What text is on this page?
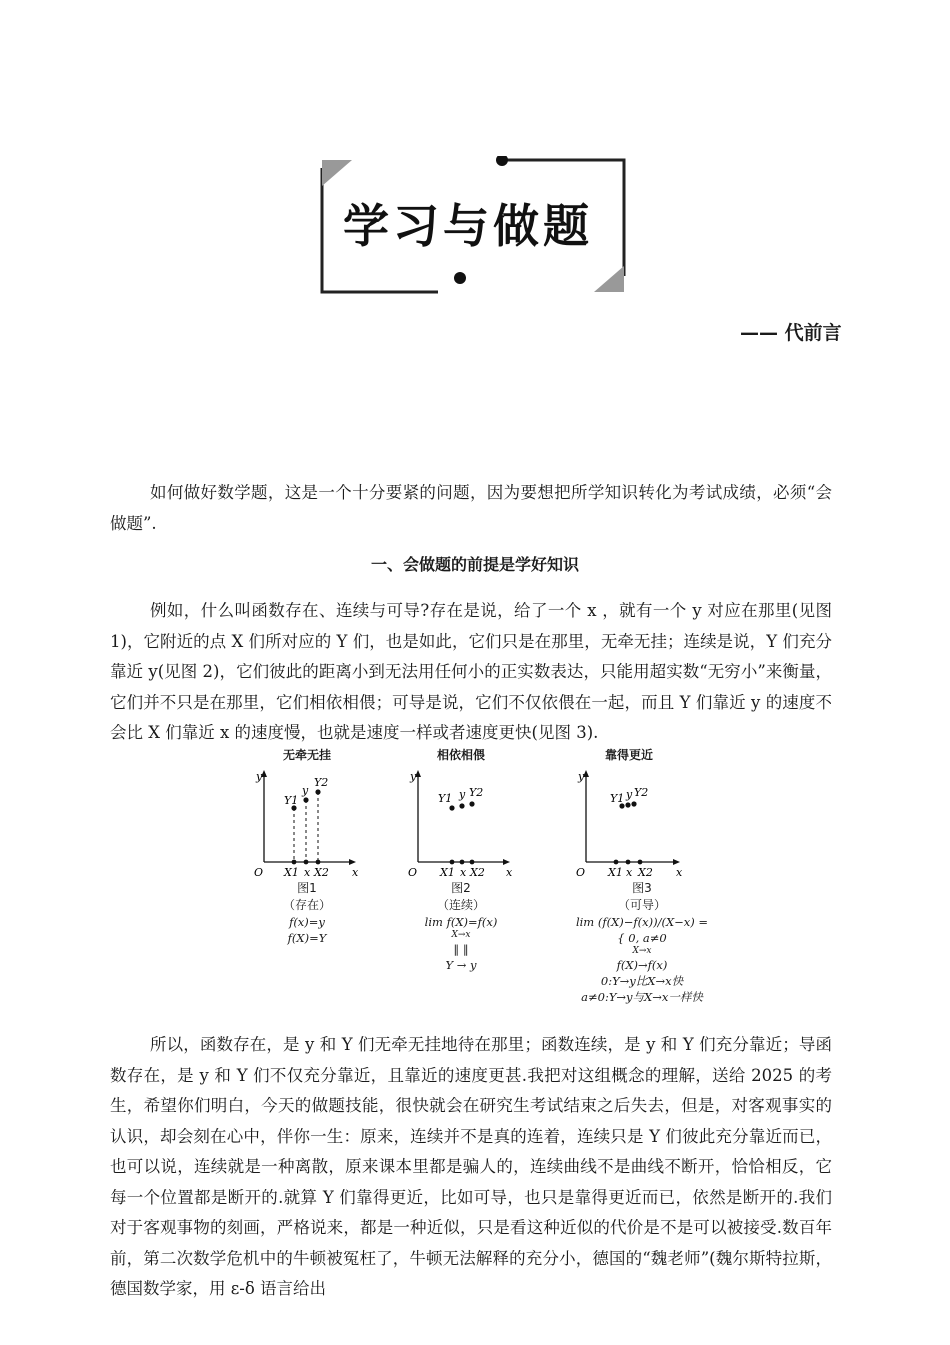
学习与做题
—— 代前言

如何做好数学题，这是一个十分要紧的问题，因为要想把所学知识转化为考试成绩，必须“会做题”.

一、会做题的前提是学好知识

例如，什么叫函数存在、连续与可导?存在是说，给了一个 x ，就有一个 y 对应在那里(见图 1)，它附近的点 X 们所对应的 Y 们，也是如此，它们只是在那里，无牵无挂；连续是说，Y 们充分靠近 y(见图 2)，它们彼此的距离小到无法用任何小的正实数表达，只能用超实数“无穷小”来衡量，它们并不只是在那里，它们相依相偎；可导是说，它们不仅依偎在一起，而且 Y 们靠近 y 的速度不会比 X 们靠近 x 的速度慢，也就是速度一样或者速度更快(见图 3).

无牵无挂	相依相偎	靠得更近
y
x
O
Y1
y
Y2
X1 x X2
图1
（存在）
f(x)=y
f(X)=Y
y
x
O
Y1 y Y2
X1 x X2
图2
（连续）
lim f(X)=f(x)
X→x
‖ ‖
Y → y
y
x
O
Y1 y Y2
X1 x X2
图3
（可导）
lim (f(X)−f(x))/(X−x) = { 0, a≠0
X→x
f(X)→f(x)
0:Y→y比X→x快
a≠0:Y→y与X→x一样快

所以，函数存在，是 y 和 Y 们无牵无挂地待在那里；函数连续，是 y 和 Y 们充分靠近；导函数存在，是 y 和 Y 们不仅充分靠近，且靠近的速度更甚.我把对这组概念的理解，送给 2025 的考生，希望你们明白，今天的做题技能，很快就会在研究生考试结束之后失去，但是，对客观事实的认识，却会刻在心中，伴你一生：原来，连续并不是真的连着，连续只是 Y 们彼此充分靠近而已，也可以说，连续就是一种离散，原来课本里都是骗人的，连续曲线不是曲线不断开，恰恰相反，它每一个位置都是断开的.就算 Y 们靠得更近，比如可导，也只是靠得更近而已，依然是断开的.我们对于客观事物的刻画，严格说来，都是一种近似，只是看这种近似的代价是不是可以被接受.数百年前，第二次数学危机中的牛顿被冤枉了，牛顿无法解释的充分小，德国的“魏老师”(魏尔斯特拉斯，德国数学家，用 ε-δ 语言给出
